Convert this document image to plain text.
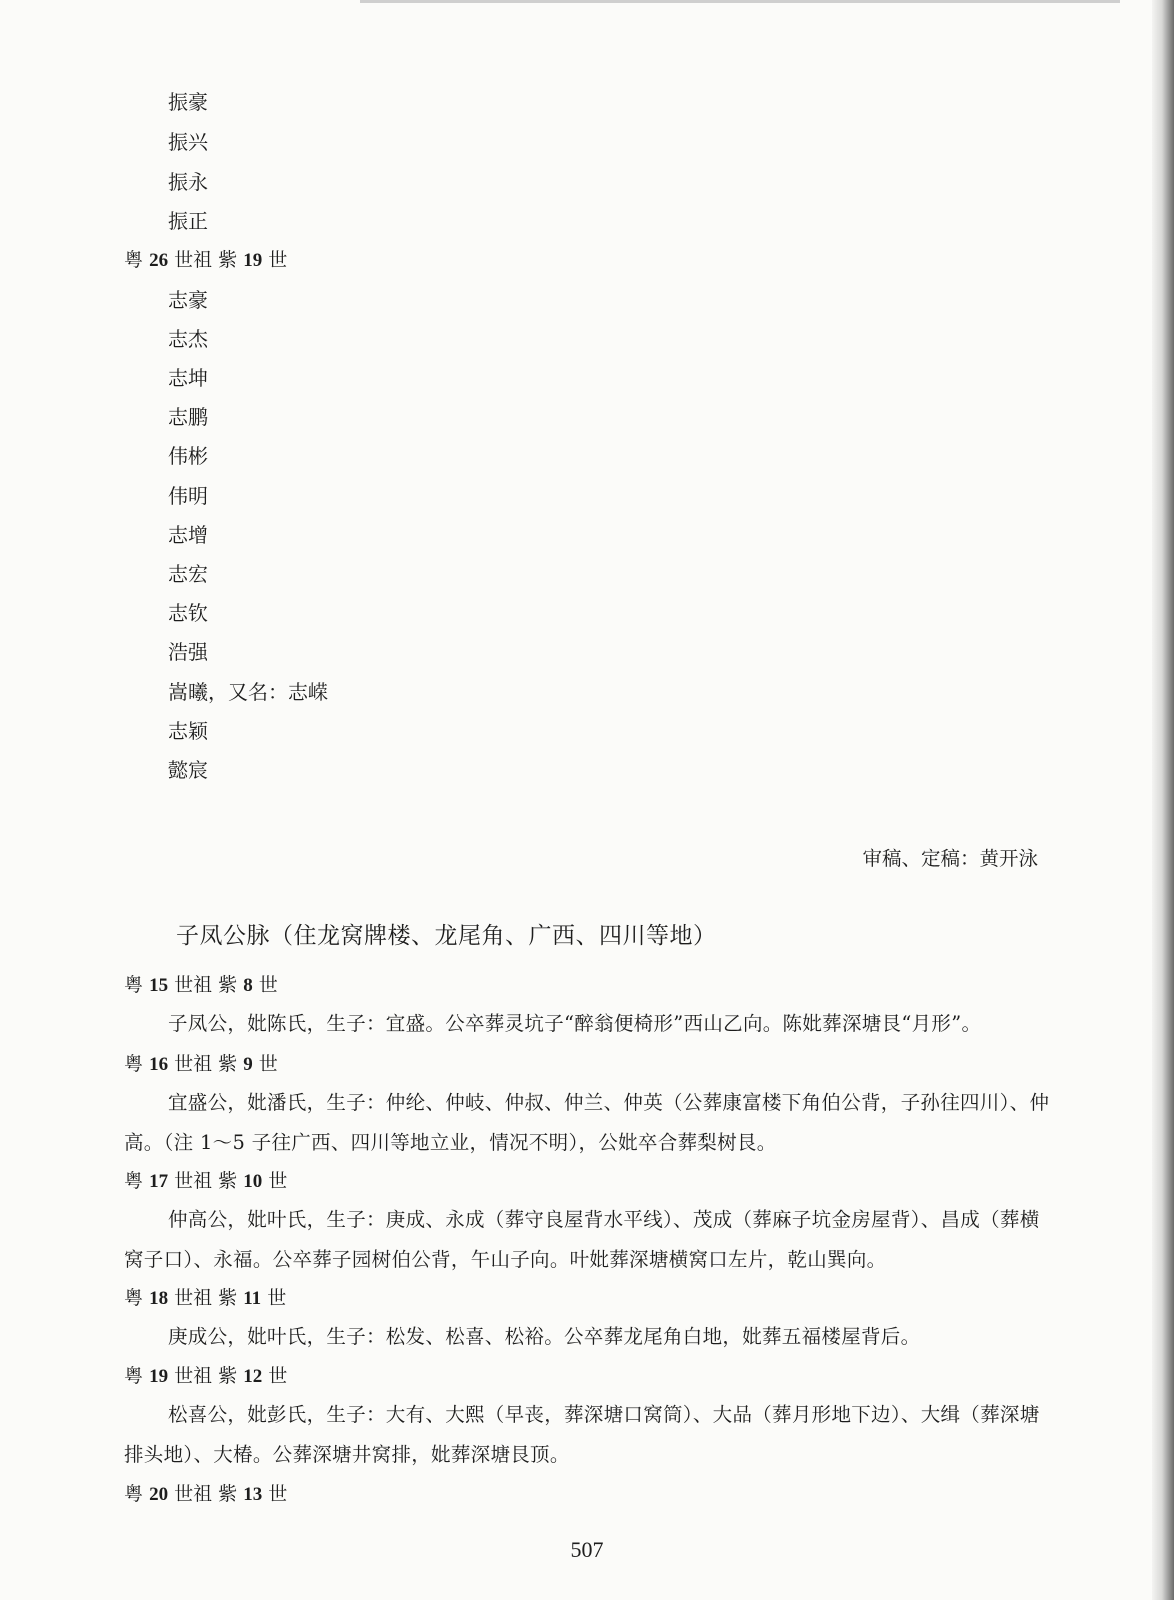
振豪
振兴
振永
振正
粤 26 世祖 紫 19 世
志豪
志杰
志坤
志鹏
伟彬
伟明
志增
志宏
志钦
浩强
嵩曦，又名：志嵘
志颖
懿宸
审稿、定稿：黄开泳
子凤公脉（住龙窝牌楼、龙尾角、广西、四川等地）
粤 15 世祖 紫 8 世
子凤公，妣陈氏，生子：宜盛。公卒葬灵坑子“醉翁便椅形”西山乙向。陈妣葬深塘艮“月形”。
粤 16 世祖 紫 9 世
宜盛公，妣潘氏，生子：仲纶、仲岐、仲叔、仲兰、仲英（公葬康富楼下角伯公背，子孙往四川）、仲高。（注 1～5 子往广西、四川等地立业，情况不明），公妣卒合葬梨树艮。
粤 17 世祖 紫 10 世
仲高公，妣叶氏，生子：庚成、永成（葬守良屋背水平线）、茂成（葬麻子坑金房屋背）、昌成（葬横窝子口）、永福。公卒葬子园树伯公背，午山子向。叶妣葬深塘横窝口左片，乾山巽向。
粤 18 世祖 紫 11 世
庚成公，妣叶氏，生子：松发、松喜、松裕。公卒葬龙尾角白地，妣葬五福楼屋背后。
粤 19 世祖 紫 12 世
松喜公，妣彭氏，生子：大有、大熙（早丧，葬深塘口窝筒）、大品（葬月形地下边）、大缉（葬深塘排头地）、大椿。公葬深塘井窝排，妣葬深塘艮顶。
粤 20 世祖 紫 13 世
507
